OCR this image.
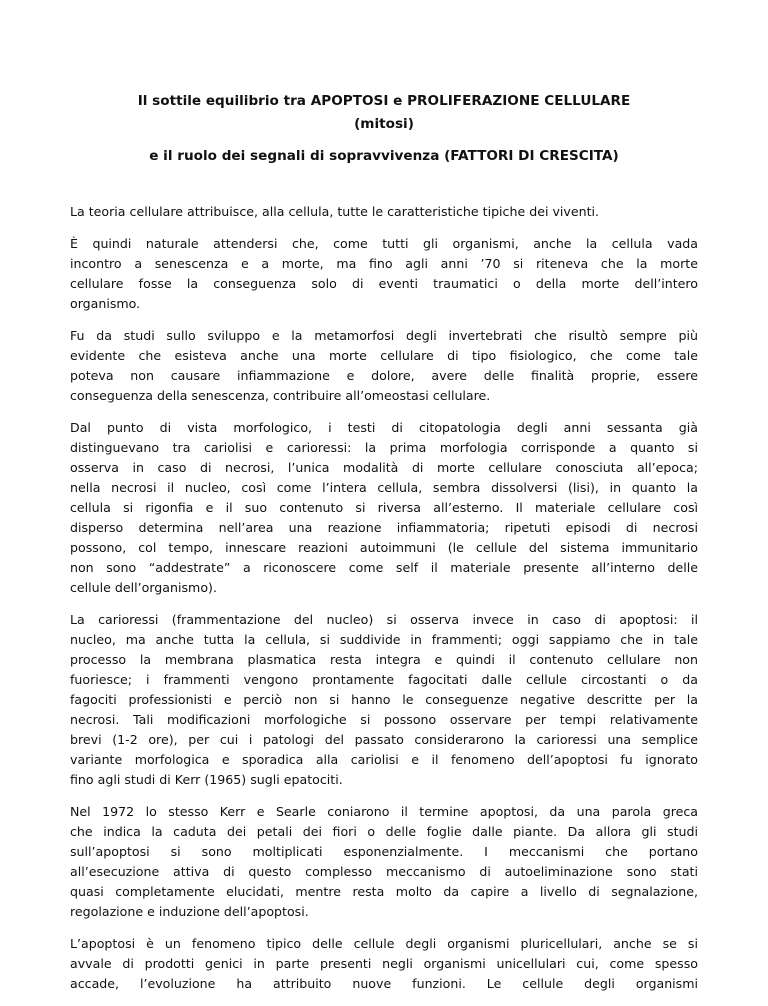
Il sottile equilibrio tra APOPTOSI e PROLIFERAZIONE CELLULARE
(mitosi)

e il ruolo dei segnali di sopravvivenza (FATTORI DI CRESCITA)

La teoria cellulare attribuisce, alla cellula, tutte le caratteristiche tipiche dei viventi.

È quindi naturale attendersi che, come tutti gli organismi, anche la cellula vada
incontro a senescenza e a morte, ma fino agli anni ’70 si riteneva che la morte
cellulare fosse la conseguenza solo di eventi traumatici o della morte dell’intero
organismo.

Fu da studi sullo sviluppo e la metamorfosi degli invertebrati che risultò sempre più
evidente che esisteva anche una morte cellulare di tipo fisiologico, che come tale
poteva non causare infiammazione e dolore, avere delle finalità proprie, essere
conseguenza della senescenza, contribuire all’omeostasi cellulare.

Dal punto di vista morfologico, i testi di citopatologia degli anni sessanta già
distinguevano tra cariolisi e carioressi: la prima morfologia corrisponde a quanto si
osserva in caso di necrosi, l’unica modalità di morte cellulare conosciuta all’epoca;
nella necrosi il nucleo, così come l’intera cellula, sembra dissolversi (lisi), in quanto la
cellula si rigonfia e il suo contenuto si riversa all’esterno. Il materiale cellulare così
disperso determina nell’area una reazione infiammatoria; ripetuti episodi di necrosi
possono, col tempo, innescare reazioni autoimmuni (le cellule del sistema immunitario
non sono “addestrate” a riconoscere come self il materiale presente all’interno delle
cellule dell’organismo).

La carioressi (frammentazione del nucleo) si osserva invece in caso di apoptosi: il
nucleo, ma anche tutta la cellula, si suddivide in frammenti; oggi sappiamo che in tale
processo la membrana plasmatica resta integra e quindi il contenuto cellulare non
fuoriesce; i frammenti vengono prontamente fagocitati dalle cellule circostanti o da
fagociti professionisti e perciò non si hanno le conseguenze negative descritte per la
necrosi. Tali modificazioni morfologiche si possono osservare per tempi relativamente
brevi (1-2 ore), per cui i patologi del passato considerarono la carioressi una semplice
variante morfologica e sporadica alla cariolisi e il fenomeno dell’apoptosi fu ignorato
fino agli studi di Kerr (1965) sugli epatociti.

Nel 1972 lo stesso Kerr e Searle coniarono il termine apoptosi, da una parola greca
che indica la caduta dei petali dei fiori o delle foglie dalle piante. Da allora gli studi
sull’apoptosi si sono moltiplicati esponenzialmente. I meccanismi che portano
all’esecuzione attiva di questo complesso meccanismo di autoeliminazione sono stati
quasi completamente elucidati, mentre resta molto da capire a livello di segnalazione,
regolazione e induzione dell’apoptosi.

L’apoptosi è un fenomeno tipico delle cellule degli organismi pluricellulari, anche se si
avvale di prodotti genici in parte presenti negli organismi unicellulari cui, come spesso
accade, l’evoluzione ha attribuito nuove funzioni. Le cellule degli organismi
